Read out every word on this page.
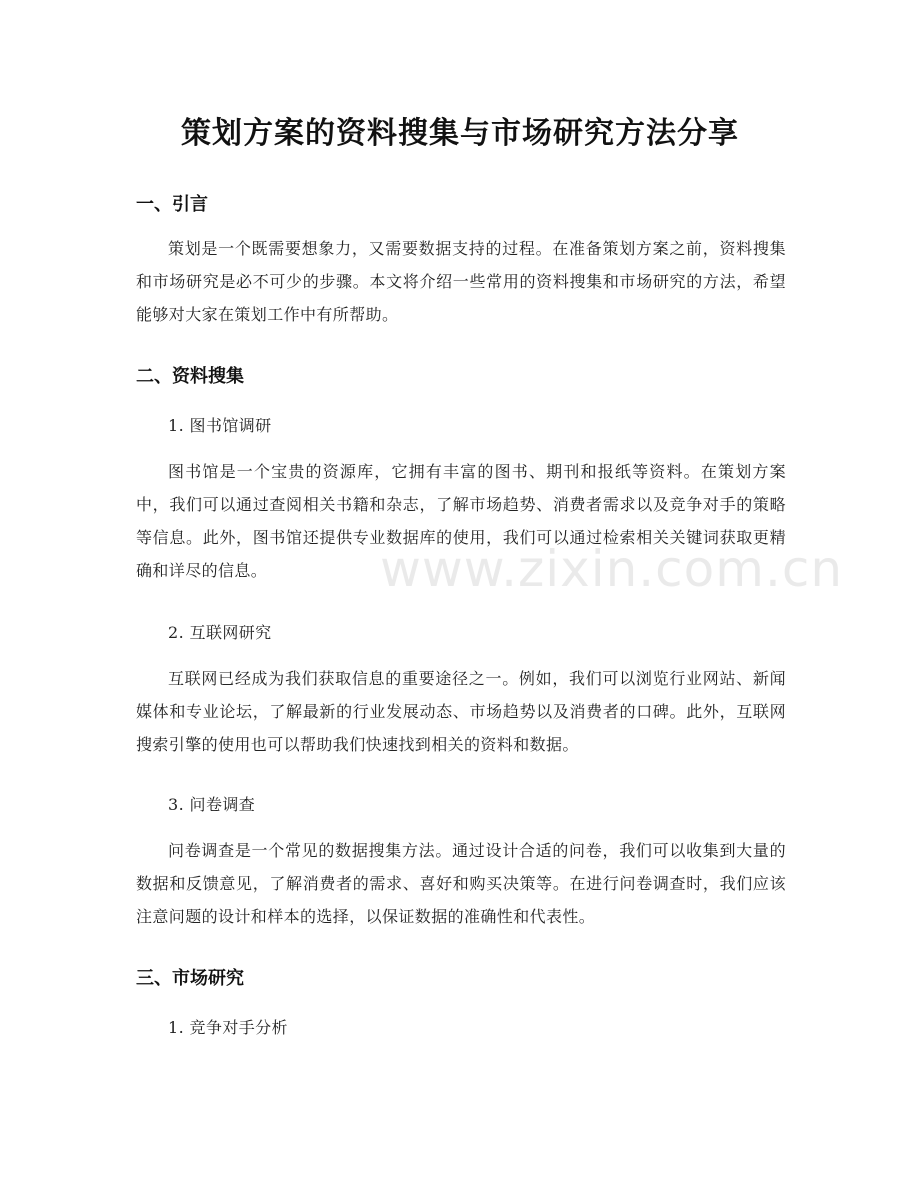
策划方案的资料搜集与市场研究方法分享
一、引言
策划是一个既需要想象力，又需要数据支持的过程。在准备策划方案之前，资料搜集和市场研究是必不可少的步骤。本文将介绍一些常用的资料搜集和市场研究的方法，希望能够对大家在策划工作中有所帮助。
二、资料搜集
1. 图书馆调研
图书馆是一个宝贵的资源库，它拥有丰富的图书、期刊和报纸等资料。在策划方案中，我们可以通过查阅相关书籍和杂志，了解市场趋势、消费者需求以及竞争对手的策略等信息。此外，图书馆还提供专业数据库的使用，我们可以通过检索相关关键词获取更精确和详尽的信息。
2. 互联网研究
互联网已经成为我们获取信息的重要途径之一。例如，我们可以浏览行业网站、新闻媒体和专业论坛，了解最新的行业发展动态、市场趋势以及消费者的口碑。此外，互联网搜索引擎的使用也可以帮助我们快速找到相关的资料和数据。
3. 问卷调查
问卷调查是一个常见的数据搜集方法。通过设计合适的问卷，我们可以收集到大量的数据和反馈意见，了解消费者的需求、喜好和购买决策等。在进行问卷调查时，我们应该注意问题的设计和样本的选择，以保证数据的准确性和代表性。
三、市场研究
1. 竞争对手分析
www.zixin.com.cn
